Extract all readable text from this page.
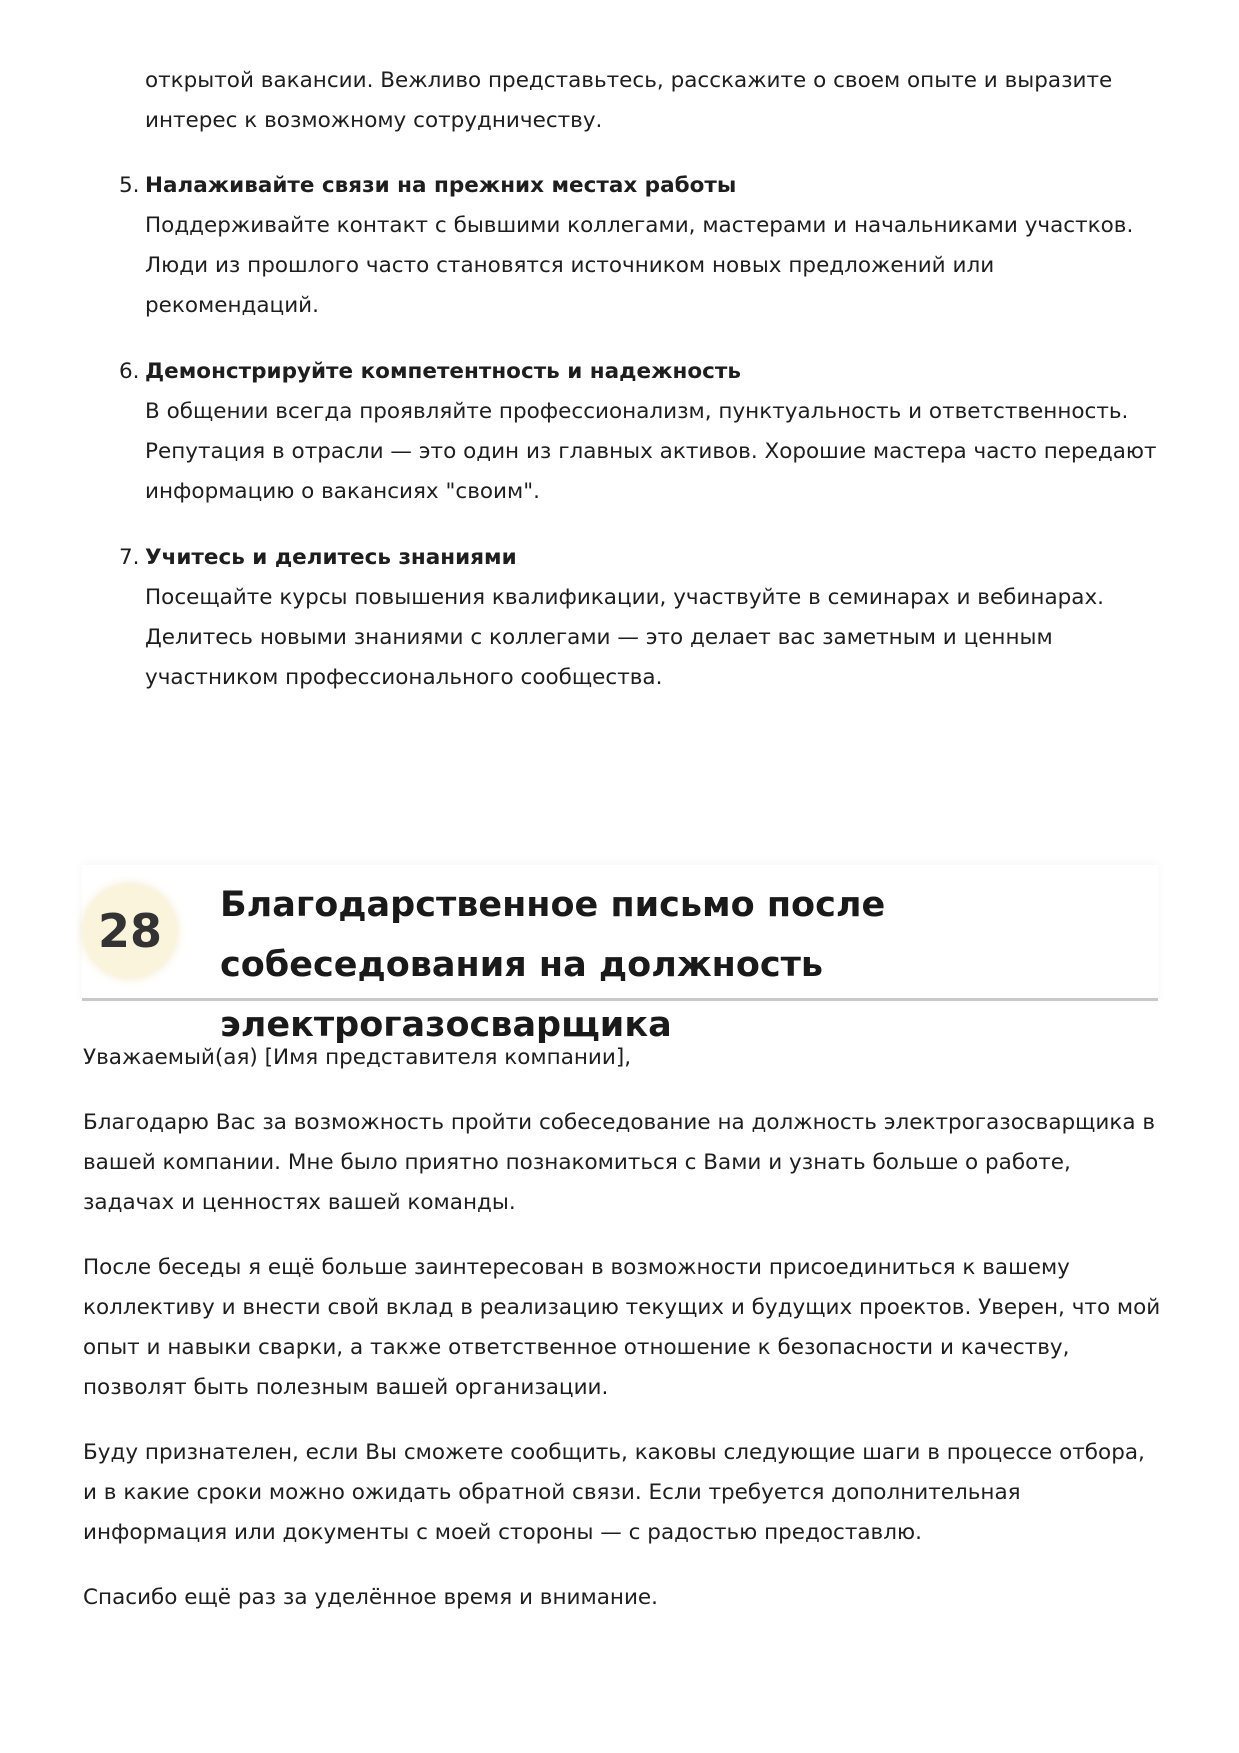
открытой вакансии. Вежливо представьтесь, расскажите о своем опыте и выразите интерес к возможному сотрудничеству.
5. Налаживайте связи на прежних местах работы
Поддерживайте контакт с бывшими коллегами, мастерами и начальниками участков. Люди из прошлого часто становятся источником новых предложений или рекомендаций.
6. Демонстрируйте компетентность и надежность
В общении всегда проявляйте профессионализм, пунктуальность и ответственность. Репутация в отрасли — это один из главных активов. Хорошие мастера часто передают информацию о вакансиях "своим".
7. Учитесь и делитесь знаниями
Посещайте курсы повышения квалификации, участвуйте в семинарах и вебинарах. Делитесь новыми знаниями с коллегами — это делает вас заметным и ценным участником профессионального сообщества.
28	Благодарственное письмо после собеседования на должность электрогазосварщика

Уважаемый(ая) [Имя представителя компании],

Благодарю Вас за возможность пройти собеседование на должность электрогазосварщика в вашей компании. Мне было приятно познакомиться с Вами и узнать больше о работе, задачах и ценностях вашей команды.

После беседы я ещё больше заинтересован в возможности присоединиться к вашему коллективу и внести свой вклад в реализацию текущих и будущих проектов. Уверен, что мой опыт и навыки сварки, а также ответственное отношение к безопасности и качеству, позволят быть полезным вашей организации.

Буду признателен, если Вы сможете сообщить, каковы следующие шаги в процессе отбора, и в какие сроки можно ожидать обратной связи. Если требуется дополнительная информация или документы с моей стороны — с радостью предоставлю.

Спасибо ещё раз за уделённое время и внимание.
